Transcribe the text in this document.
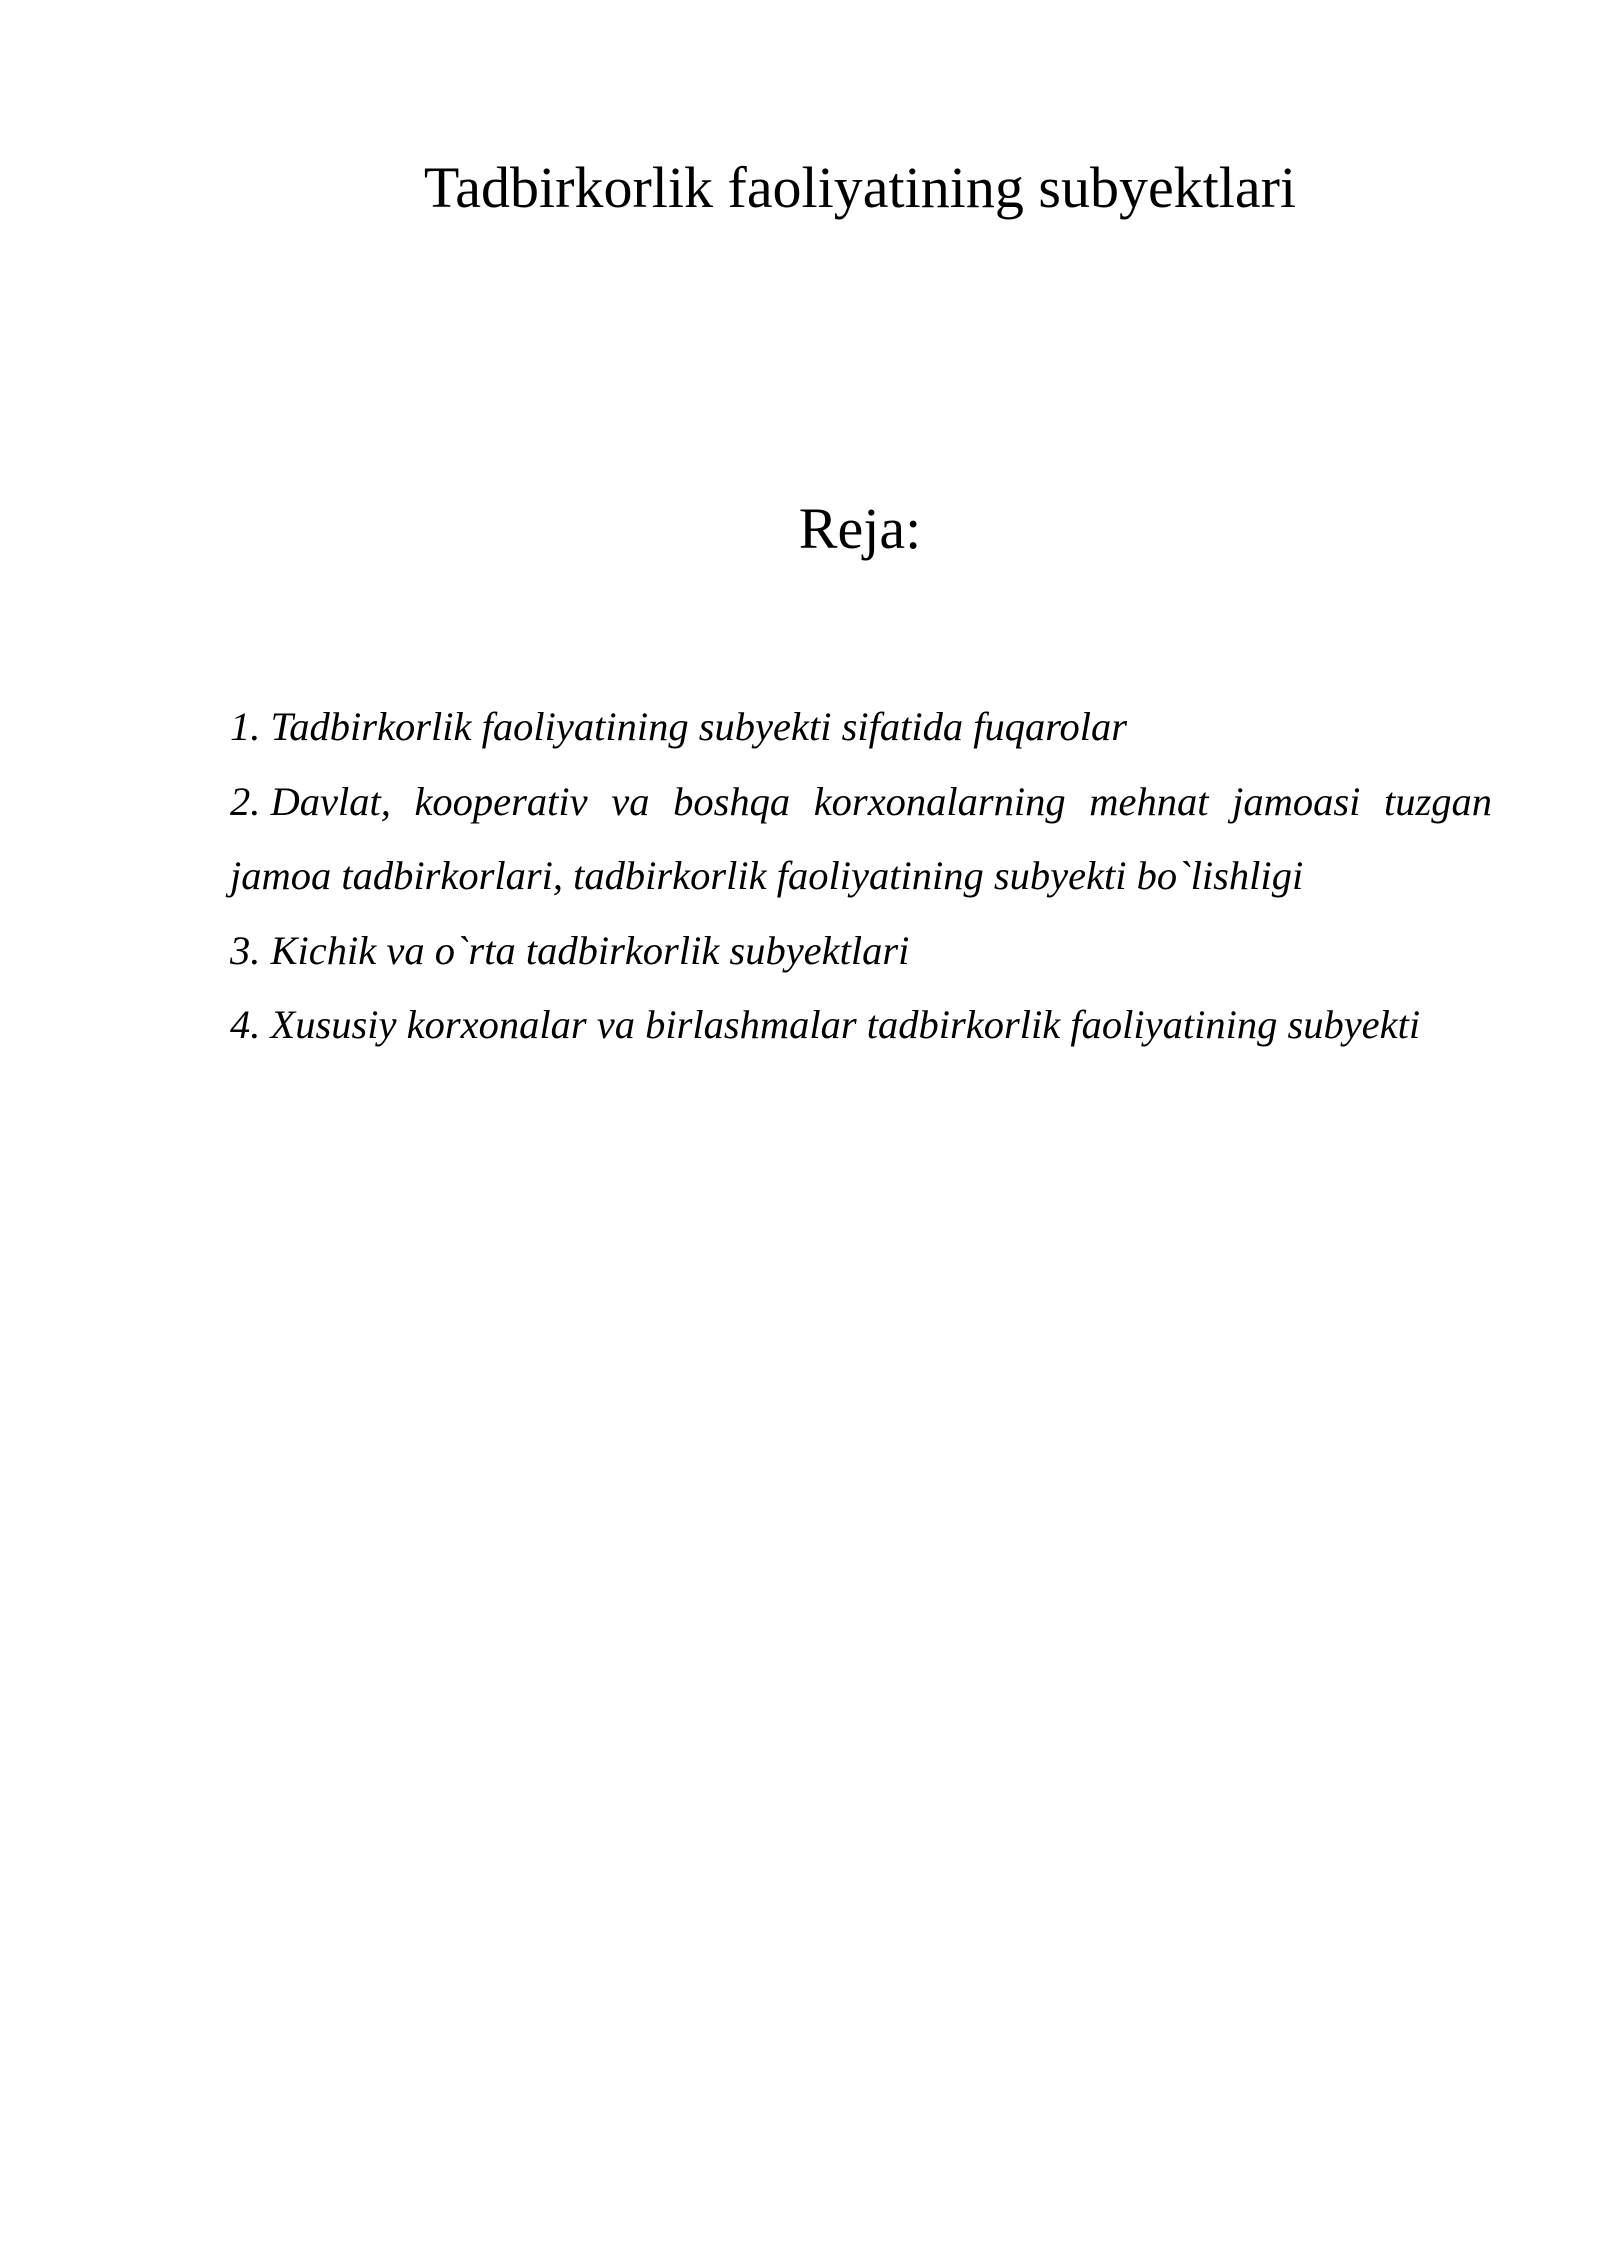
Tadbirkorlik faoliyatining subyektlari
Reja:
1. Tadbirkorlik faoliyatining subyekti sifatida fuqarolar
2. Davlat, kooperativ va boshqa korxonalarning mehnat jamoasi tuzgan jamoa tadbirkorlari, tadbirkorlik faoliyatining subyekti bo`lishligi
3. Kichik va o`rta tadbirkorlik subyektlari
4. Xususiy korxonalar va birlashmalar tadbirkorlik faoliyatining subyekti
